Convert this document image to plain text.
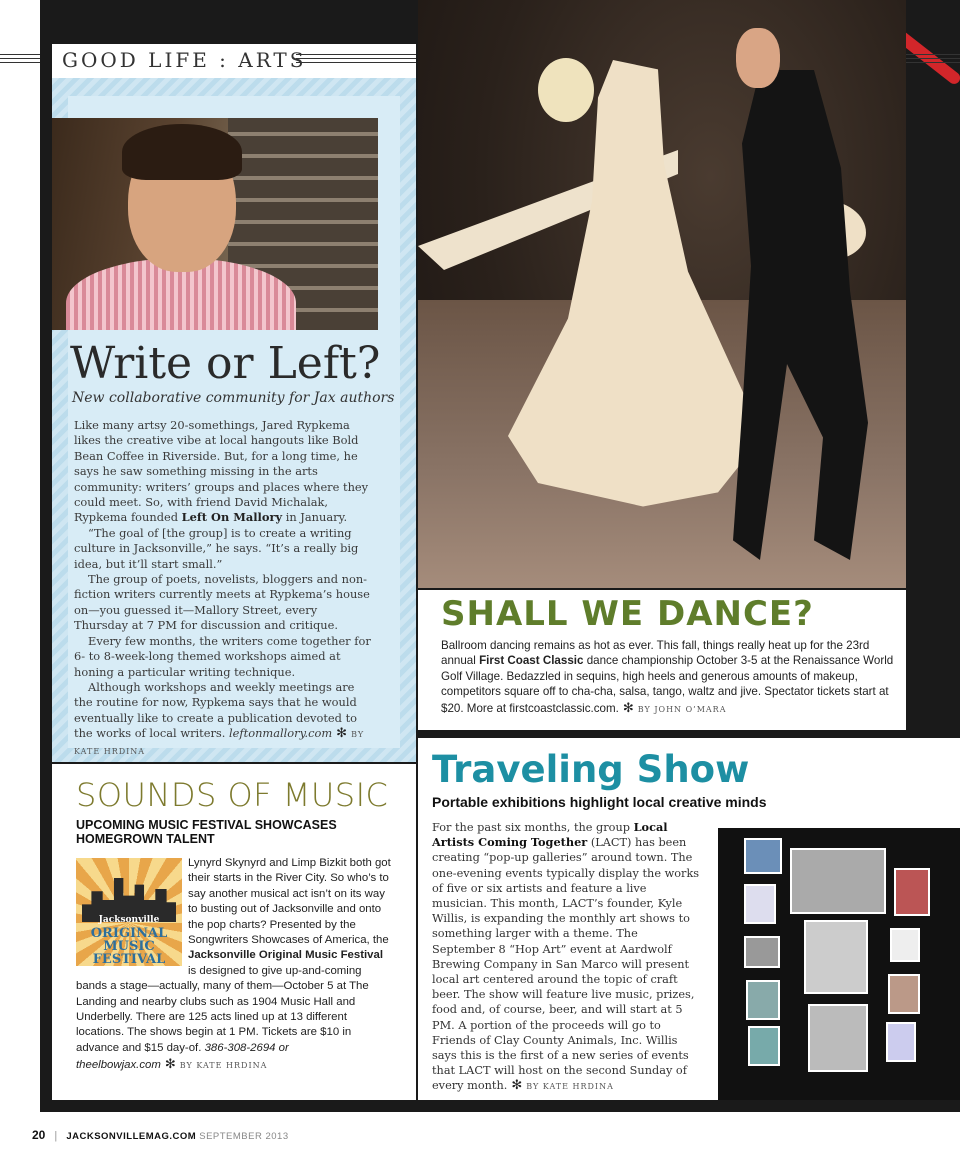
GOOD LIFE : ARTS
Write or Left?
New collaborative community for Jax authors

Like many artsy 20-somethings, Jared Rypkema likes the creative vibe at local hangouts like Bold Bean Coffee in Riverside. But, for a long time, he says he saw something missing in the arts community: writers’ groups and places where they could meet. So, with friend David Michalak, Rypkema founded Left On Mallory in January.

“The goal of [the group] is to create a writing culture in Jacksonville,” he says. “It’s a really big idea, but it’ll start small.”

The group of poets, novelists, bloggers and non-fiction writers currently meets at Rypkema’s house on—you guessed it—Mallory Street, every Thursday at 7 PM for discussion and critique.

Every few months, the writers come together for 6- to 8-week-long themed workshops aimed at honing a particular writing technique.

Although workshops and weekly meetings are the routine for now, Rypkema says that he would eventually like to create a publication devoted to the works of local writers. leftonmallory.com ✻ BY KATE HRDINA

SOUNDS OF MUSIC
UPCOMING MUSIC FESTIVAL SHOWCASES HOMEGROWN TALENT
Jacksonville
ORIGINAL MUSIC FESTIVAL
Lynyrd Skynyrd and Limp Bizkit both got their starts in the River City. So who’s to say another musical act isn’t on its way to busting out of Jacksonville and onto the pop charts? Presented by the Songwriters Showcases of America, the Jacksonville Original Music Festival is designed to give up-and-coming bands a stage—actually, many of them—October 5 at The Landing and nearby clubs such as 1904 Music Hall and Underbelly. There are 125 acts lined up at 13 different locations. The shows begin at 1 PM. Tickets are $10 in advance and $15 day-of. 386-308-2694 or theelbowjax.com ✻ BY KATE HRDINA
SHALL WE DANCE?
Ballroom dancing remains as hot as ever. This fall, things really heat up for the 23rd annual First Coast Classic dance championship October 3-5 at the Renaissance World Golf Village. Bedazzled in sequins, high heels and generous amounts of makeup, competitors square off to cha-cha, salsa, tango, waltz and jive. Spectator tickets start at $20. More at firstcoastclassic.com. ✻ BY JOHN O’MARA
Traveling Show
Portable exhibitions highlight local creative minds
For the past six months, the group Local Artists Coming Together (LACT) has been creating “pop-up galleries” around town. The one-evening events typically display the works of five or six artists and feature a live musician. This month, LACT’s founder, Kyle Willis, is expanding the monthly art shows to something larger with a theme. The September 8 “Hop Art” event at Aardwolf Brewing Company in San Marco will present local art centered around the topic of craft beer. The show will feature live music, prizes, food and, of course, beer, and will start at 5 PM. A portion of the proceeds will go to Friends of Clay County Animals, Inc. Willis says this is the first of a new series of events that LACT will host on the second Sunday of every month. ✻ BY KATE HRDINA
20 | JACKSONVILLEMAG.COM SEPTEMBER 2013
